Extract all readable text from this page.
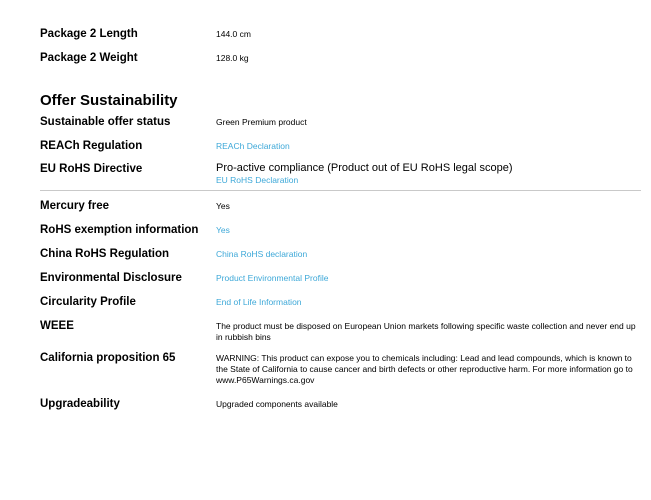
Package 2 Length	144.0 cm
Package 2 Weight	128.0 kg
Offer Sustainability
Sustainable offer status	Green Premium product
REACh Regulation	REACh Declaration
EU RoHS Directive	Pro-active compliance (Product out of EU RoHS legal scope)
EU RoHS Declaration
Mercury free	Yes
RoHS exemption information	Yes
China RoHS Regulation	China RoHS declaration
Environmental Disclosure	Product Environmental Profile
Circularity Profile	End of Life Information
WEEE	The product must be disposed on European Union markets following specific waste collection and never end up in rubbish bins
California proposition 65	WARNING: This product can expose you to chemicals including: Lead and lead compounds, which is known to the State of California to cause cancer and birth defects or other reproductive harm. For more information go to www.P65Warnings.ca.gov
Upgradeability	Upgraded components available
